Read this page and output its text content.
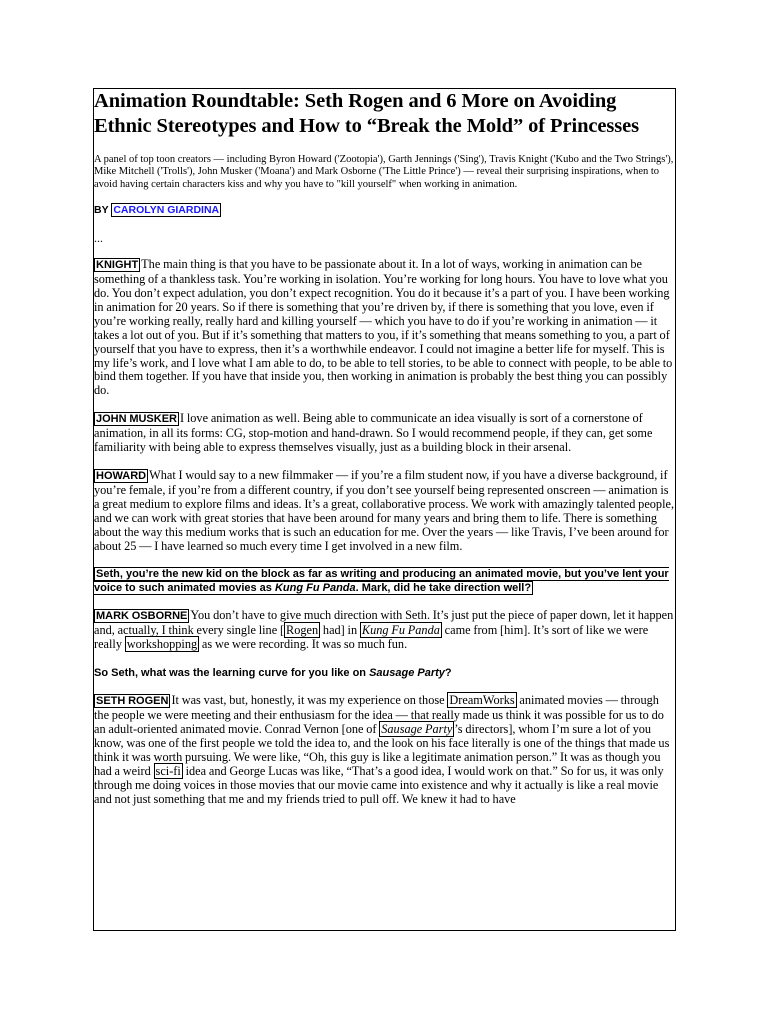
Animation Roundtable: Seth Rogen and 6 More on Avoiding Ethnic Stereotypes and How to “Break the Mold” of Princesses

A panel of top toon creators — including Byron Howard ('Zootopia'), Garth Jennings ('Sing'), Travis Knight ('Kubo and the Two Strings'), Mike Mitchell ('Trolls'), John Musker ('Moana') and Mark Osborne ('The Little Prince') — reveal their surprising inspirations, when to avoid having certain characters kiss and why you have to "kill yourself" when working in animation.

BY CAROLYN GIARDINA

...

KNIGHT The main thing is that you have to be passionate about it. In a lot of ways, working in animation can be something of a thankless task. You’re working in isolation. You’re working for long hours. You have to love what you do. You don’t expect adulation, you don’t expect recognition. You do it because it’s a part of you. I have been working in animation for 20 years. So if there is something that you’re driven by, if there is something that you love, even if you’re working really, really hard and killing yourself — which you have to do if you’re working in animation — it takes a lot out of you. But if it’s something that matters to you, if it’s something that means something to you, a part of yourself that you have to express, then it’s a worthwhile endeavor. I could not imagine a better life for myself. This is my life’s work, and I love what I am able to do, to be able to tell stories, to be able to connect with people, to be able to bind them together. If you have that inside you, then working in animation is probably the best thing you can possibly do.

JOHN MUSKER I love animation as well. Being able to communicate an idea visually is sort of a cornerstone of animation, in all its forms: CG, stop-motion and hand-drawn. So I would recommend people, if they can, get some familiarity with being able to express themselves visually, just as a building block in their arsenal.

HOWARD What I would say to a new filmmaker — if you’re a film student now, if you have a diverse background, if you’re female, if you’re from a different country, if you don’t see yourself being represented onscreen — animation is a great medium to explore films and ideas. It’s a great, collaborative process. We work with amazingly talented people, and we can work with great stories that have been around for many years and bring them to life. There is something about the way this medium works that is such an education for me. Over the years — like Travis, I’ve been around for about 25 — I have learned so much every time I get involved in a new film.

Seth, you’re the new kid on the block as far as writing and producing an animated movie, but you’ve lent your voice to such animated movies as Kung Fu Panda. Mark, did he take direction well?

MARK OSBORNE You don’t have to give much direction with Seth. It’s just put the piece of paper down, let it happen and, actually, I think every single line [ Rogen had] in Kung Fu Panda came from [him]. It’s sort of like we were really workshopping as we were recording. It was so much fun.

So Seth, what was the learning curve for you like on Sausage Party?

SETH ROGEN It was vast, but, honestly, it was my experience on those DreamWorks animated movies — through the people we were meeting and their enthusiasm for the idea — that really made us think it was possible for us to do an adult-oriented animated movie. Conrad Vernon [one of Sausage Party ’s directors], whom I’m sure a lot of you know, was one of the first people we told the idea to, and the look on his face literally is one of the things that made us think it was worth pursuing. We were like, “Oh, this guy is like a legitimate animation person.” It was as though you had a weird sci-fi idea and George Lucas was like, “That’s a good idea, I would work on that.” So for us, it was only through me doing voices in those movies that our movie came into existence and why it actually is like a real movie and not just something that me and my friends tried to pull off. We knew it had to have
